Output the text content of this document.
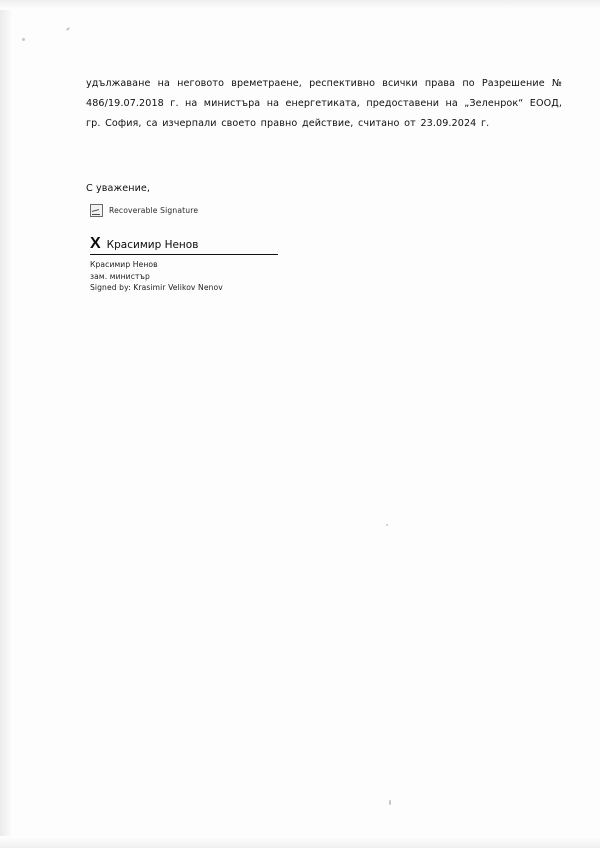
удължаване на неговото времетраене, респективно всички права по Разрешение № 486/19.07.2018 г. на министъра на енергетиката, предоставени на „Зеленрок“ ЕООД, гр. София, са изчерпали своето правно действие, считано от 23.09.2024 г.

С уважение,
Recoverable Signature
X Красимир Ненов
Красимир Ненов
зам. министър
Signed by: Krasimir Velikov Nenov
